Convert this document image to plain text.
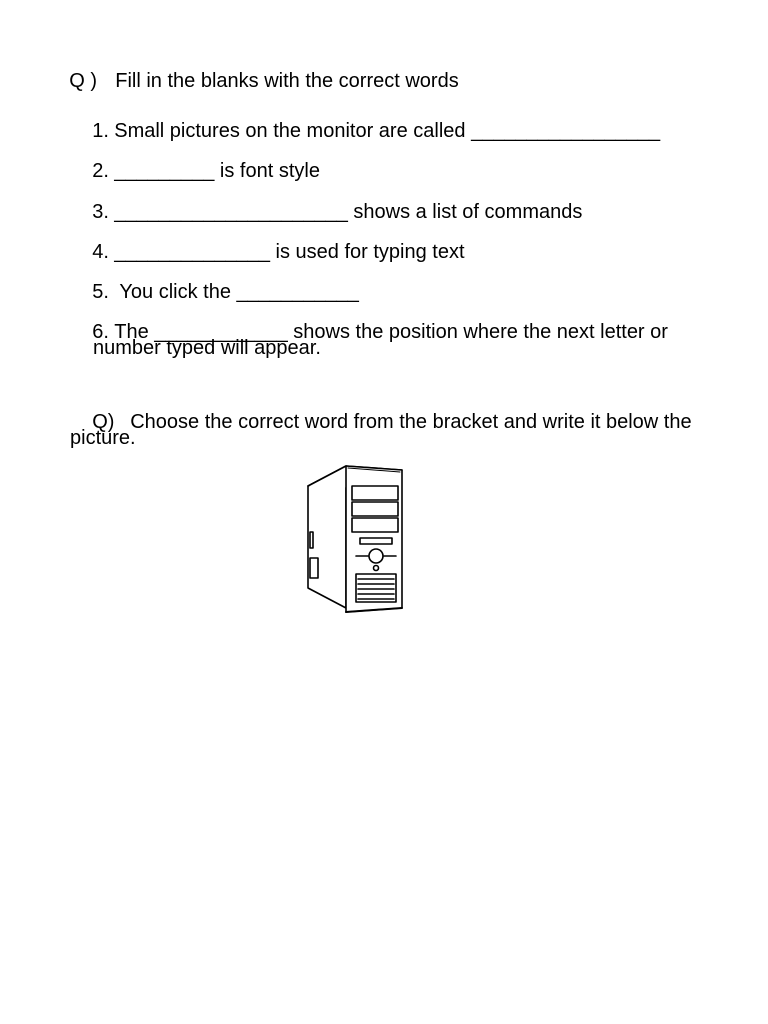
Q ) Fill in the blanks with the correct words

1. Small pictures on the monitor are called _________________

2. _________ is font style

3. _____________________ shows a list of commands

4. ______________ is used for typing text

5. You click the ___________

6. The ____________ shows the position where the next letter or

number typed will appear.

Q) Choose the correct word from the bracket and write it below the

picture.
